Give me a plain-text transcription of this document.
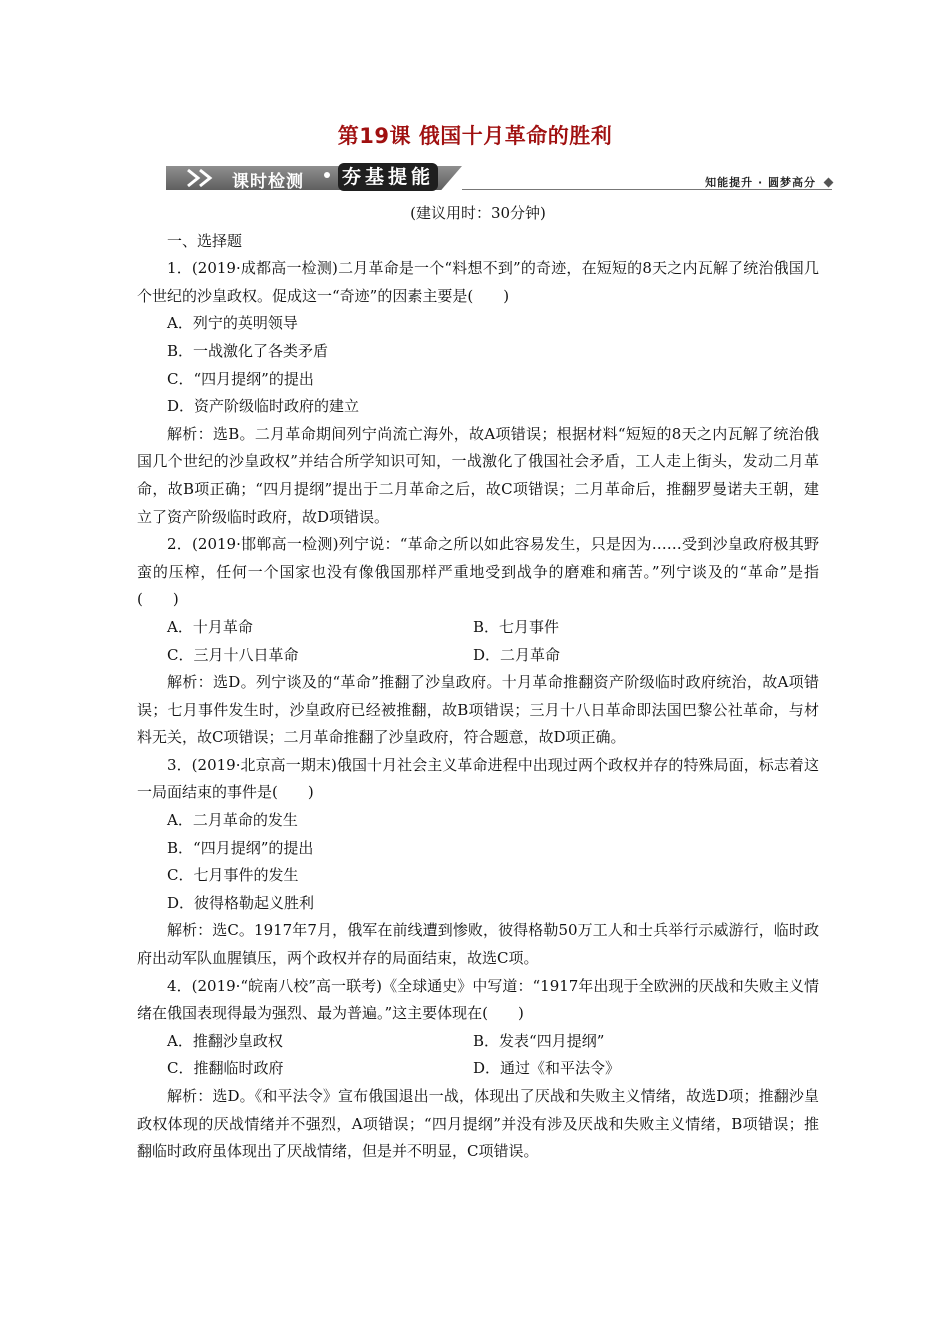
第19课 俄国十月革命的胜利
课时检测 夯基提能	知能提升 · 圆梦高分

(建议用时：30分钟)

一、选择题

1．(2019·成都高一检测)二月革命是一个“料想不到”的奇迹，在短短的8天之内瓦解了统治俄国几个世纪的沙皇政权。促成这一“奇迹”的因素主要是(　　)

A．列宁的英明领导

B．一战激化了各类矛盾

C．“四月提纲”的提出

D．资产阶级临时政府的建立

解析：选B。二月革命期间列宁尚流亡海外，故A项错误；根据材料“短短的8天之内瓦解了统治俄国几个世纪的沙皇政权”并结合所学知识可知，一战激化了俄国社会矛盾，工人走上街头，发动二月革命，故B项正确；“四月提纲”提出于二月革命之后，故C项错误；二月革命后，推翻罗曼诺夫王朝，建立了资产阶级临时政府，故D项错误。

2．(2019·邯郸高一检测)列宁说：“革命之所以如此容易发生，只是因为……受到沙皇政府极其野蛮的压榨，任何一个国家也没有像俄国那样严重地受到战争的磨难和痛苦。”列宁谈及的“革命”是指(　　)

A．十月革命	B．七月事件
C．三月十八日革命	D．二月革命

解析：选D。列宁谈及的“革命”推翻了沙皇政府。十月革命推翻资产阶级临时政府统治，故A项错误；七月事件发生时，沙皇政府已经被推翻，故B项错误；三月十八日革命即法国巴黎公社革命，与材料无关，故C项错误；二月革命推翻了沙皇政府，符合题意，故D项正确。

3．(2019·北京高一期末)俄国十月社会主义革命进程中出现过两个政权并存的特殊局面，标志着这一局面结束的事件是(　　)

A．二月革命的发生

B．“四月提纲”的提出

C．七月事件的发生

D．彼得格勒起义胜利

解析：选C。1917年7月，俄军在前线遭到惨败，彼得格勒50万工人和士兵举行示威游行，临时政府出动军队血腥镇压，两个政权并存的局面结束，故选C项。

4．(2019·“皖南八校”高一联考)《全球通史》中写道：“1917年出现于全欧洲的厌战和失败主义情绪在俄国表现得最为强烈、最为普遍。”这主要体现在(　　)

A．推翻沙皇政权	B．发表“四月提纲”
C．推翻临时政府	D．通过《和平法令》

解析：选D。《和平法令》宣布俄国退出一战，体现出了厌战和失败主义情绪，故选D项；推翻沙皇政权体现的厌战情绪并不强烈，A项错误；“四月提纲”并没有涉及厌战和失败主义情绪，B项错误；推翻临时政府虽体现出了厌战情绪，但是并不明显，C项错误。
